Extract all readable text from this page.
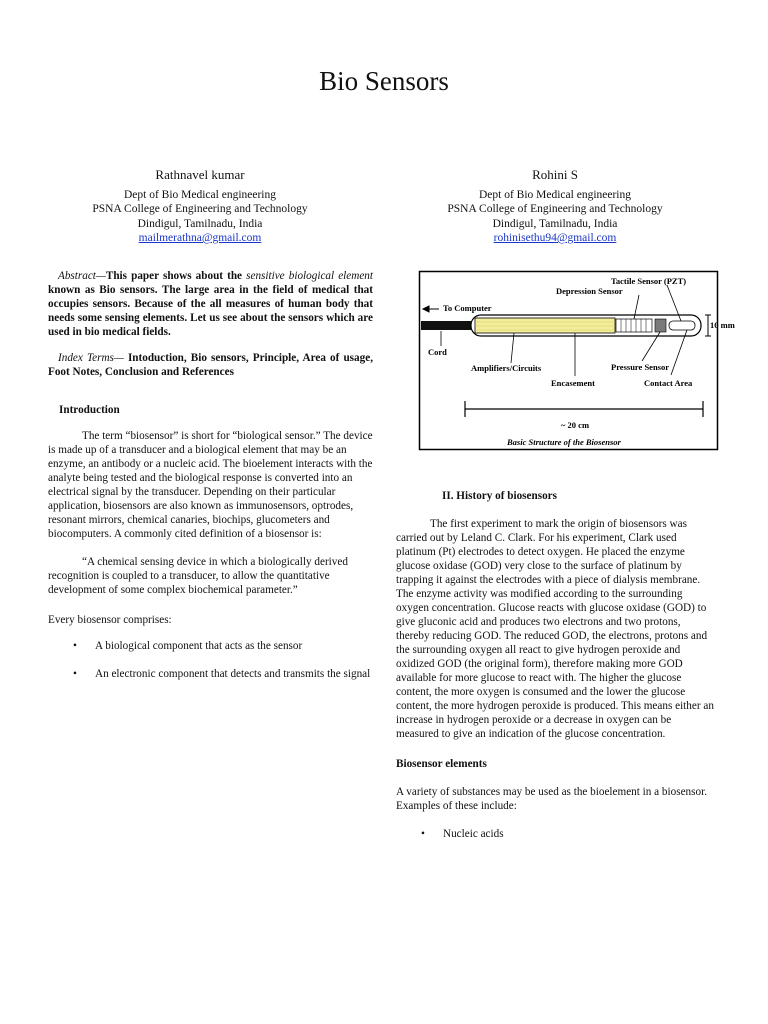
Bio Sensors
Rathnavel kumar
Dept of Bio Medical engineering
PSNA College of Engineering and Technology
Dindigul, Tamilnadu, India
mailmerathna@gmail.com
Rohini S
Dept of Bio Medical engineering
PSNA College of Engineering and Technology
Dindigul, Tamilnadu, India
rohinisethu94@gmail.com

Abstract—This paper shows about the sensitive biological element known as Bio sensors. The large area in the field of medical that occupies sensors. Because of the all measures of human body that needs some sensing elements. Let us see about the sensors which are used in bio medical fields.

Index Terms— Intoduction, Bio sensors, Principle, Area of usage, Foot Notes, Conclusion and References

Introduction

The term “biosensor” is short for “biological sensor.” The device is made up of a transducer and a biological element that may be an enzyme, an antibody or a nucleic acid. The bioelement interacts with the analyte being tested and the biological response is converted into an electrical signal by the transducer. Depending on their particular application, biosensors are also known as immunosensors, optrodes, resonant mirrors, chemical canaries, biochips, glucometers and biocomputers. A commonly cited definition of a biosensor is:

“A chemical sensing device in which a biologically derived recognition is coupled to a transducer, to allow the quantitative development of some complex biochemical parameter.”

Every biosensor comprises:

• A biological component that acts as the sensor
• An electronic component that detects and transmits the signal
Tactile Sensor (PZT)
Depression Sensor
To Computer
Cord
Amplifiers/Circuits	Pressure Sensor
Encasement	Contact Area
10 mm
~ 20 cm
Basic Structure of the Biosensor

II. History of biosensors

The first experiment to mark the origin of biosensors was carried out by Leland C. Clark. For his experiment, Clark used platinum (Pt) electrodes to detect oxygen. He placed the enzyme glucose oxidase (GOD) very close to the surface of platinum by trapping it against the electrodes with a piece of dialysis membrane. The enzyme activity was modified according to the surrounding oxygen concentration. Glucose reacts with glucose oxidase (GOD) to give gluconic acid and produces two electrons and two protons, thereby reducing GOD. The reduced GOD, the electrons, protons and the surrounding oxygen all react to give hydrogen peroxide and oxidized GOD (the original form), therefore making more GOD available for more glucose to react with. The higher the glucose content, the more oxygen is consumed and the lower the glucose content, the more hydrogen peroxide is produced. This means either an increase in hydrogen peroxide or a decrease in oxygen can be measured to give an indication of the glucose concentration.

Biosensor elements

A variety of substances may be used as the bioelement in a biosensor. Examples of these include:

• Nucleic acids
